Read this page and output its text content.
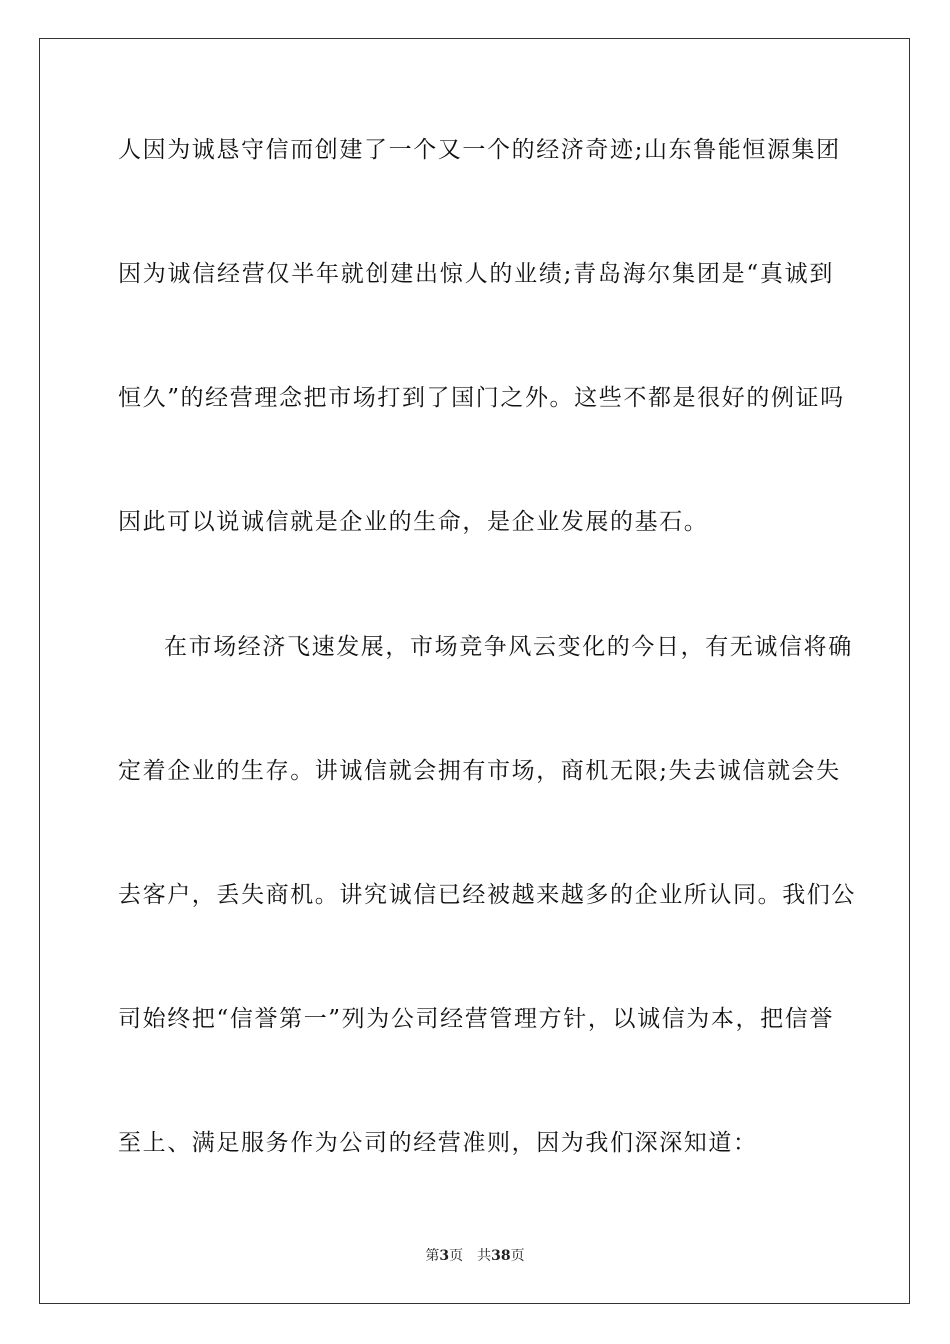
人因为诚恳守信而创建了一个又一个的经济奇迹;山东鲁能恒源集团
因为诚信经营仅半年就创建出惊人的业绩;青岛海尔集团是“真诚到
恒久”的经营理念把市场打到了国门之外。这些不都是很好的例证吗
因此可以说诚信就是企业的生命，是企业发展的基石。
在市场经济飞速发展，市场竞争风云变化的今日，有无诚信将确
定着企业的生存。讲诚信就会拥有市场，商机无限;失去诚信就会失
去客户，丢失商机。讲究诚信已经被越来越多的企业所认同。我们公
司始终把“信誉第一”列为公司经营管理方针，以诚信为本，把信誉
至上、满足服务作为公司的经营准则，因为我们深深知道：
第3页 共38页
